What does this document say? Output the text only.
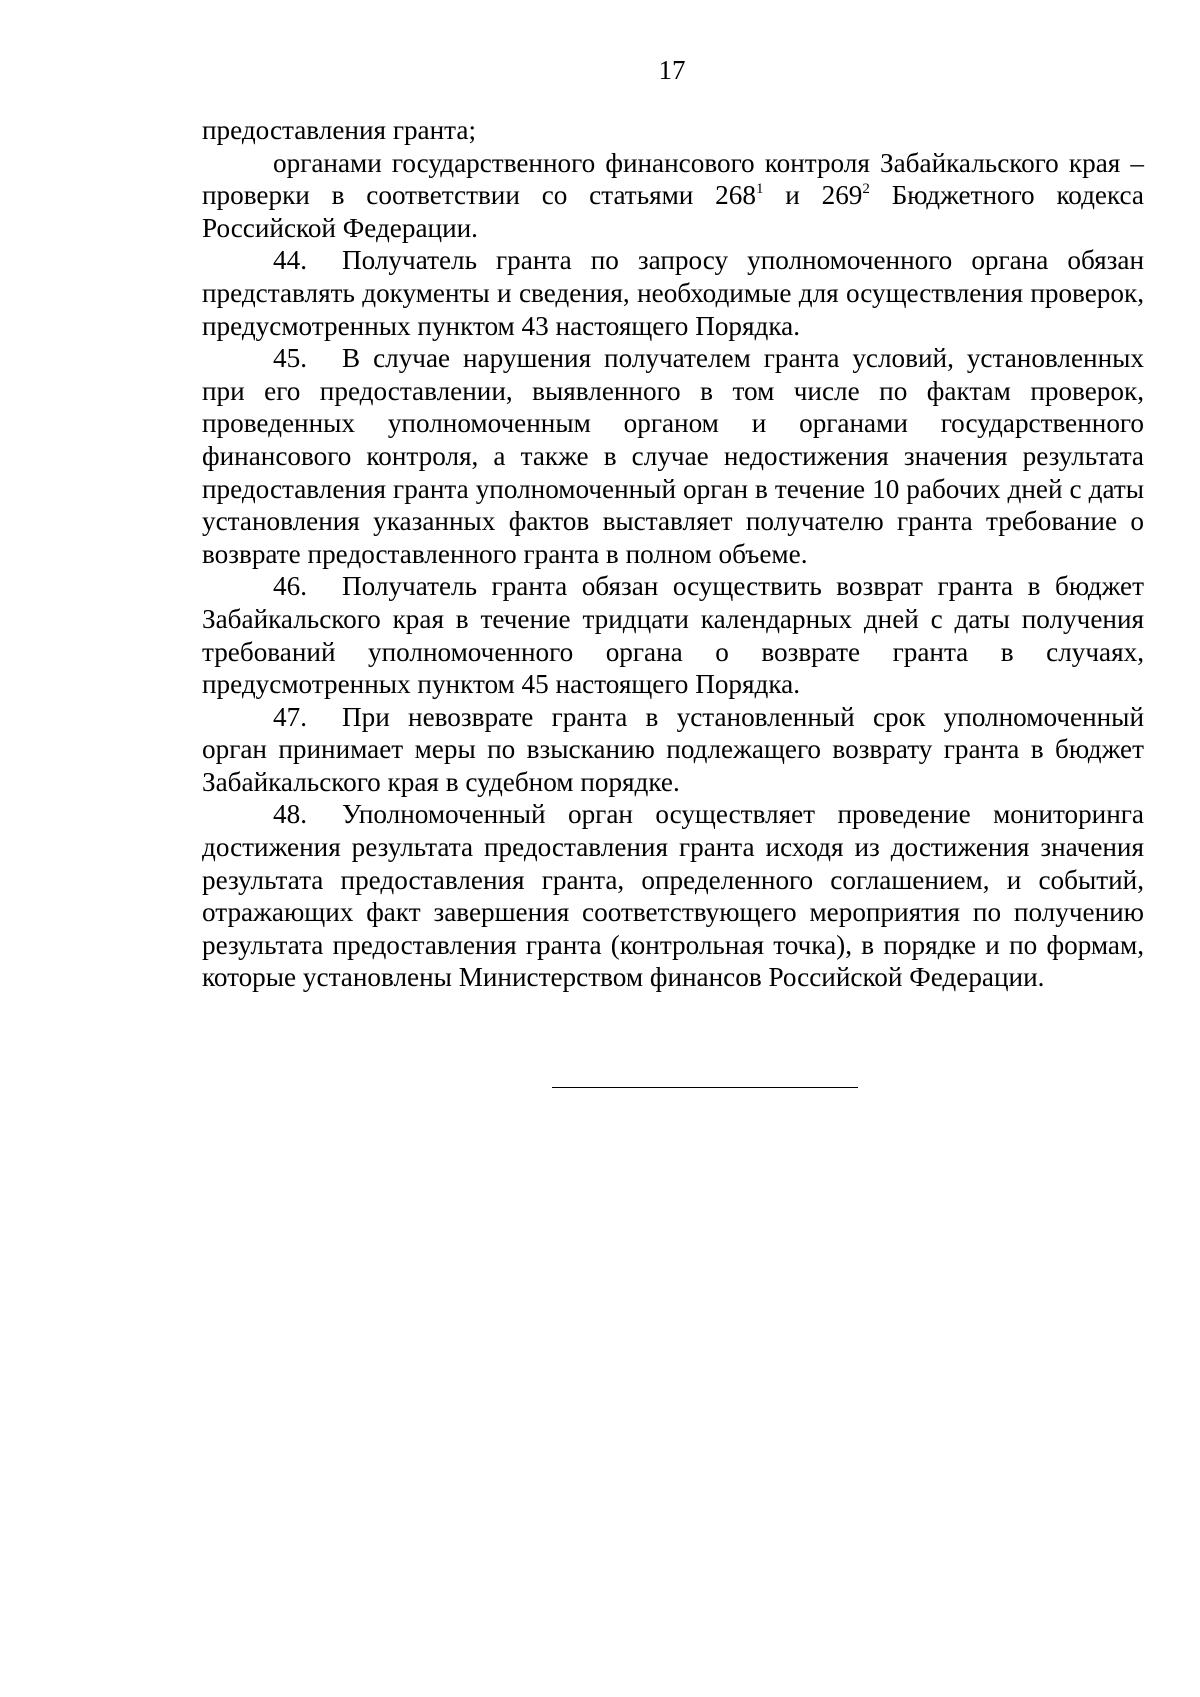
17

предоставления гранта;

органами государственного финансового контроля Забайкальского края – проверки в соответствии со статьями $268^1$ и $269^2$ Бюджетного кодекса Российской Федерации.

44. Получатель гранта по запросу уполномоченного органа обязан представлять документы и сведения, необходимые для осуществления проверок, предусмотренных пунктом 43 настоящего Порядка.

45. В случае нарушения получателем гранта условий, установленных при его предоставлении, выявленного в том числе по фактам проверок, проведенных уполномоченным органом и органами государственного финансового контроля, а также в случае недостижения значения результата предоставления гранта уполномоченный орган в течение 10 рабочих дней с даты установления указанных фактов выставляет получателю гранта требование о возврате предоставленного гранта в полном объеме.

46. Получатель гранта обязан осуществить возврат гранта в бюджет Забайкальского края в течение тридцати календарных дней с даты получения требований уполномоченного органа о возврате гранта в случаях, предусмотренных пунктом 45 настоящего Порядка.

47. При невозврате гранта в установленный срок уполномоченный орган принимает меры по взысканию подлежащего возврату гранта в бюджет Забайкальского края в судебном порядке.

48. Уполномоченный орган осуществляет проведение мониторинга достижения результата предоставления гранта исходя из достижения значения результата предоставления гранта, определенного соглашением, и событий, отражающих факт завершения соответствующего мероприятия по получению результата предоставления гранта (контрольная точка), в порядке и по формам, которые установлены Министерством финансов Российской Федерации.
